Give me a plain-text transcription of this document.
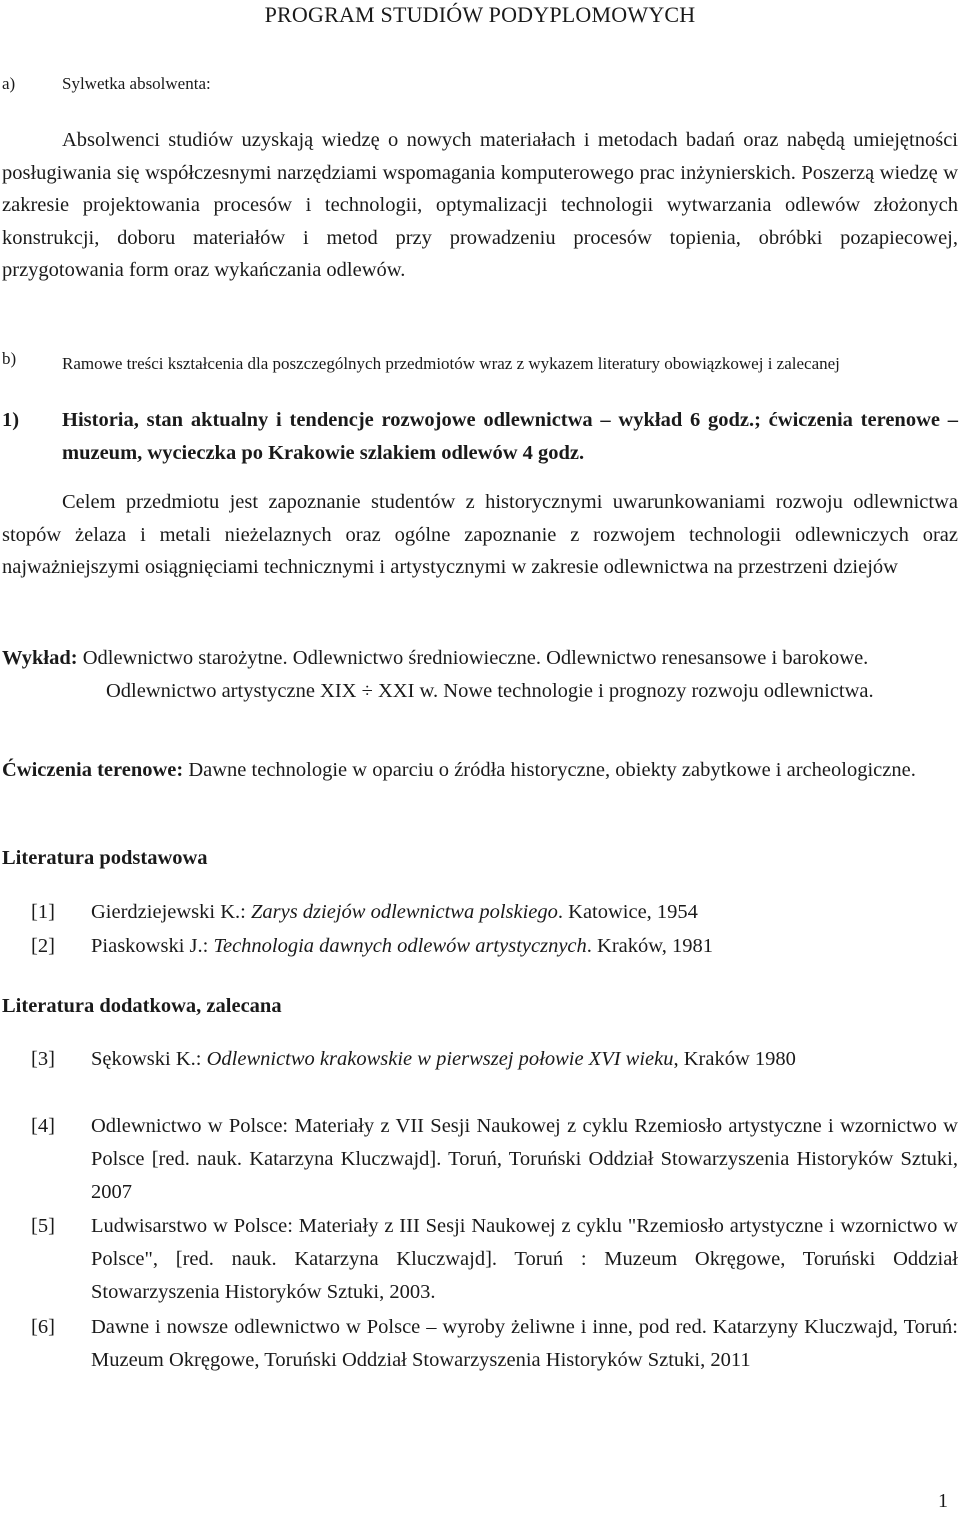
PROGRAM STUDIÓW PODYPLOMOWYCH
a)	Sylwetka absolwenta:
Absolwenci studiów uzyskają wiedzę o nowych materiałach i metodach badań oraz nabędą umiejętności posługiwania się współczesnymi narzędziami wspomagania komputerowego prac inżynierskich. Poszerzą wiedzę w zakresie projektowania procesów i technologii, optymalizacji technologii wytwarzania odlewów złożonych konstrukcji, doboru materiałów i metod przy prowadzeniu procesów topienia, obróbki pozapiecowej, przygotowania form oraz wykańczania odlewów.
b)	Ramowe treści kształcenia dla poszczególnych przedmiotów wraz z wykazem literatury obowiązkowej i zalecanej
1) Historia, stan aktualny i tendencje rozwojowe odlewnictwa – wykład 6 godz.; ćwiczenia terenowe – muzeum, wycieczka po Krakowie szlakiem odlewów 4 godz.
Celem przedmiotu jest zapoznanie studentów z historycznymi uwarunkowaniami rozwoju odlewnictwa stopów żelaza i metali nieżelaznych oraz ogólne zapoznanie z rozwojem technologii odlewniczych oraz najważniejszymi osiągnięciami technicznymi i artystycznymi w zakresie odlewnictwa na przestrzeni dziejów
Wykład: Odlewnictwo starożytne. Odlewnictwo średniowieczne. Odlewnictwo renesansowe i barokowe. Odlewnictwo artystyczne XIX ÷ XXI w. Nowe technologie i prognozy rozwoju odlewnictwa.
Ćwiczenia terenowe: Dawne technologie w oparciu o źródła historyczne, obiekty zabytkowe i archeologiczne.
Literatura podstawowa
[1] Gierdziejewski K.: Zarys dziejów odlewnictwa polskiego. Katowice, 1954
[2] Piaskowski J.: Technologia dawnych odlewów artystycznych. Kraków, 1981
Literatura dodatkowa, zalecana
[3] Sękowski K.: Odlewnictwo krakowskie w pierwszej połowie XVI wieku, Kraków 1980
[4] Odlewnictwo w Polsce: Materiały z VII Sesji Naukowej z cyklu Rzemiosło artystyczne i wzornictwo w Polsce [red. nauk. Katarzyna Kluczwajd]. Toruń, Toruński Oddział Stowarzyszenia Historyków Sztuki, 2007
[5] Ludwisarstwo w Polsce: Materiały z III Sesji Naukowej z cyklu "Rzemiosło artystyczne i wzornictwo w Polsce", [red. nauk. Katarzyna Kluczwajd]. Toruń : Muzeum Okręgowe, Toruński Oddział Stowarzyszenia Historyków Sztuki, 2003.
[6] Dawne i nowsze odlewnictwo w Polsce – wyroby żeliwne i inne, pod red. Katarzyny Kluczwajd, Toruń: Muzeum Okręgowe, Toruński Oddział Stowarzyszenia Historyków Sztuki, 2011
1
